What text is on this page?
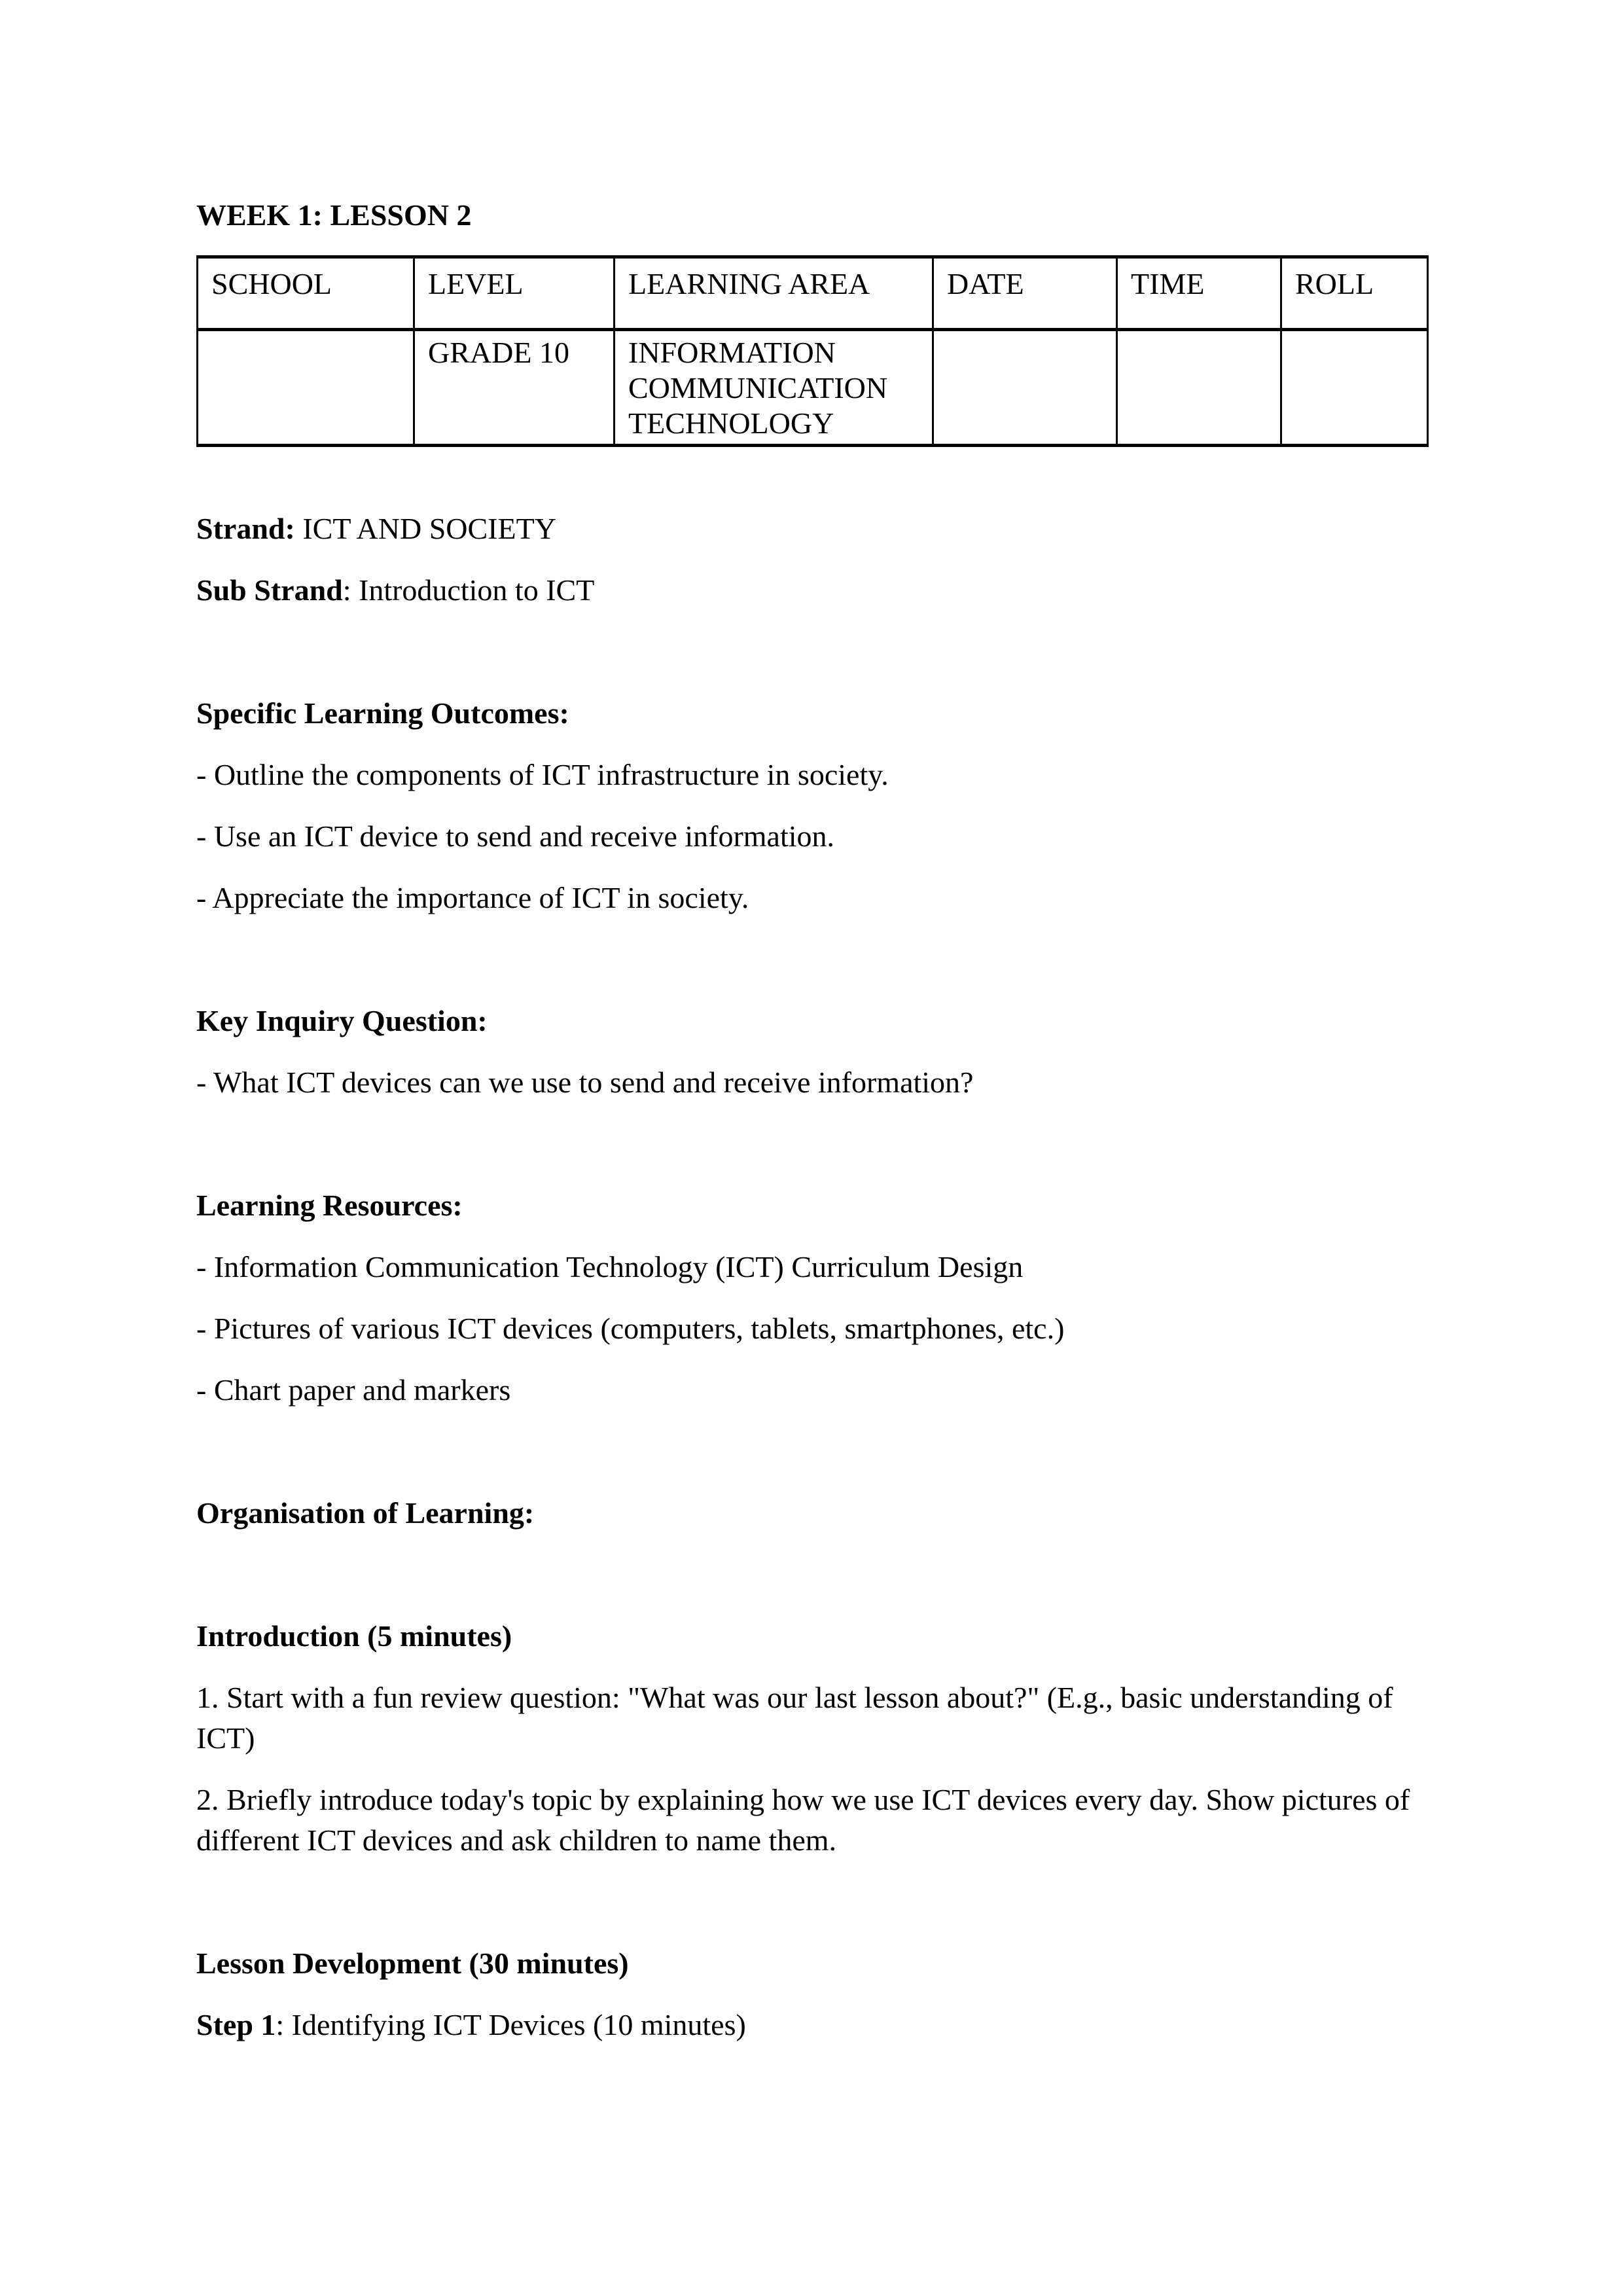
WEEK 1: LESSON 2

SCHOOL	LEVEL	LEARNING AREA	DATE	TIME	ROLL
	GRADE 10	INFORMATION COMMUNICATION TECHNOLOGY			

Strand: ICT AND SOCIETY

Sub Strand: Introduction to ICT

Specific Learning Outcomes:

- Outline the components of ICT infrastructure in society.

- Use an ICT device to send and receive information.

- Appreciate the importance of ICT in society.

Key Inquiry Question:

- What ICT devices can we use to send and receive information?

Learning Resources:

- Information Communication Technology (ICT) Curriculum Design

- Pictures of various ICT devices (computers, tablets, smartphones, etc.)

- Chart paper and markers

Organisation of Learning:

Introduction (5 minutes)

1. Start with a fun review question: "What was our last lesson about?" (E.g., basic understanding of ICT)

2. Briefly introduce today's topic by explaining how we use ICT devices every day. Show pictures of different ICT devices and ask children to name them.

Lesson Development (30 minutes)

Step 1: Identifying ICT Devices (10 minutes)
